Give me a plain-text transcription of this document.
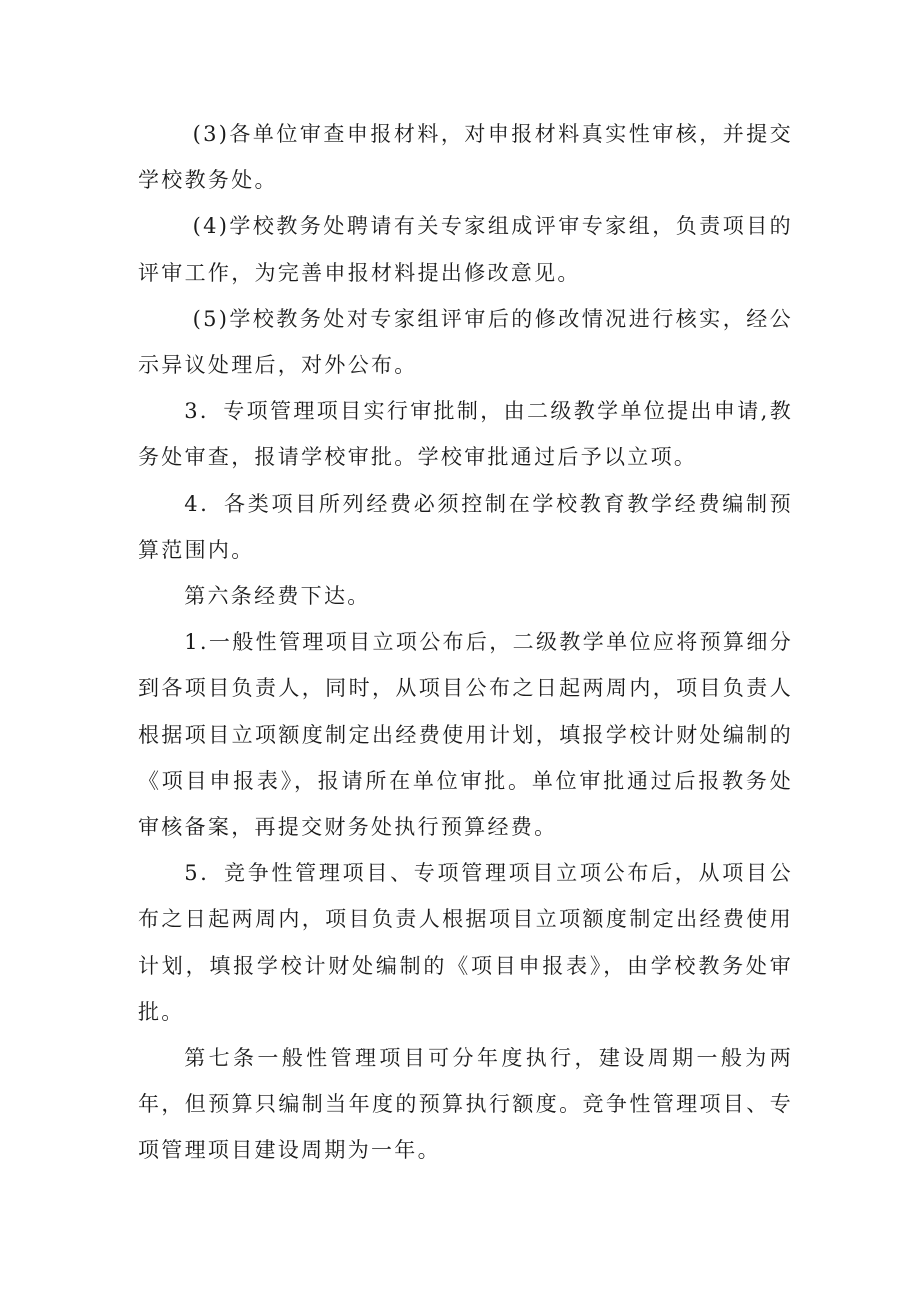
(3)各单位审查申报材料，对申报材料真实性审核，并提交学校教务处。

(4)学校教务处聘请有关专家组成评审专家组，负责项目的评审工作，为完善申报材料提出修改意见。

(5)学校教务处对专家组评审后的修改情况进行核实，经公示异议处理后，对外公布。

3．专项管理项目实行审批制，由二级教学单位提出申请,教务处审查，报请学校审批。学校审批通过后予以立项。

4．各类项目所列经费必须控制在学校教育教学经费编制预算范围内。

第六条经费下达。

1.一般性管理项目立项公布后，二级教学单位应将预算细分到各项目负责人，同时，从项目公布之日起两周内，项目负责人根据项目立项额度制定出经费使用计划，填报学校计财处编制的《项目申报表》，报请所在单位审批。单位审批通过后报教务处审核备案，再提交财务处执行预算经费。

5．竞争性管理项目、专项管理项目立项公布后，从项目公布之日起两周内，项目负责人根据项目立项额度制定出经费使用计划，填报学校计财处编制的《项目申报表》，由学校教务处审批。

第七条一般性管理项目可分年度执行，建设周期一般为两年，但预算只编制当年度的预算执行额度。竞争性管理项目、专项管理项目建设周期为一年。
